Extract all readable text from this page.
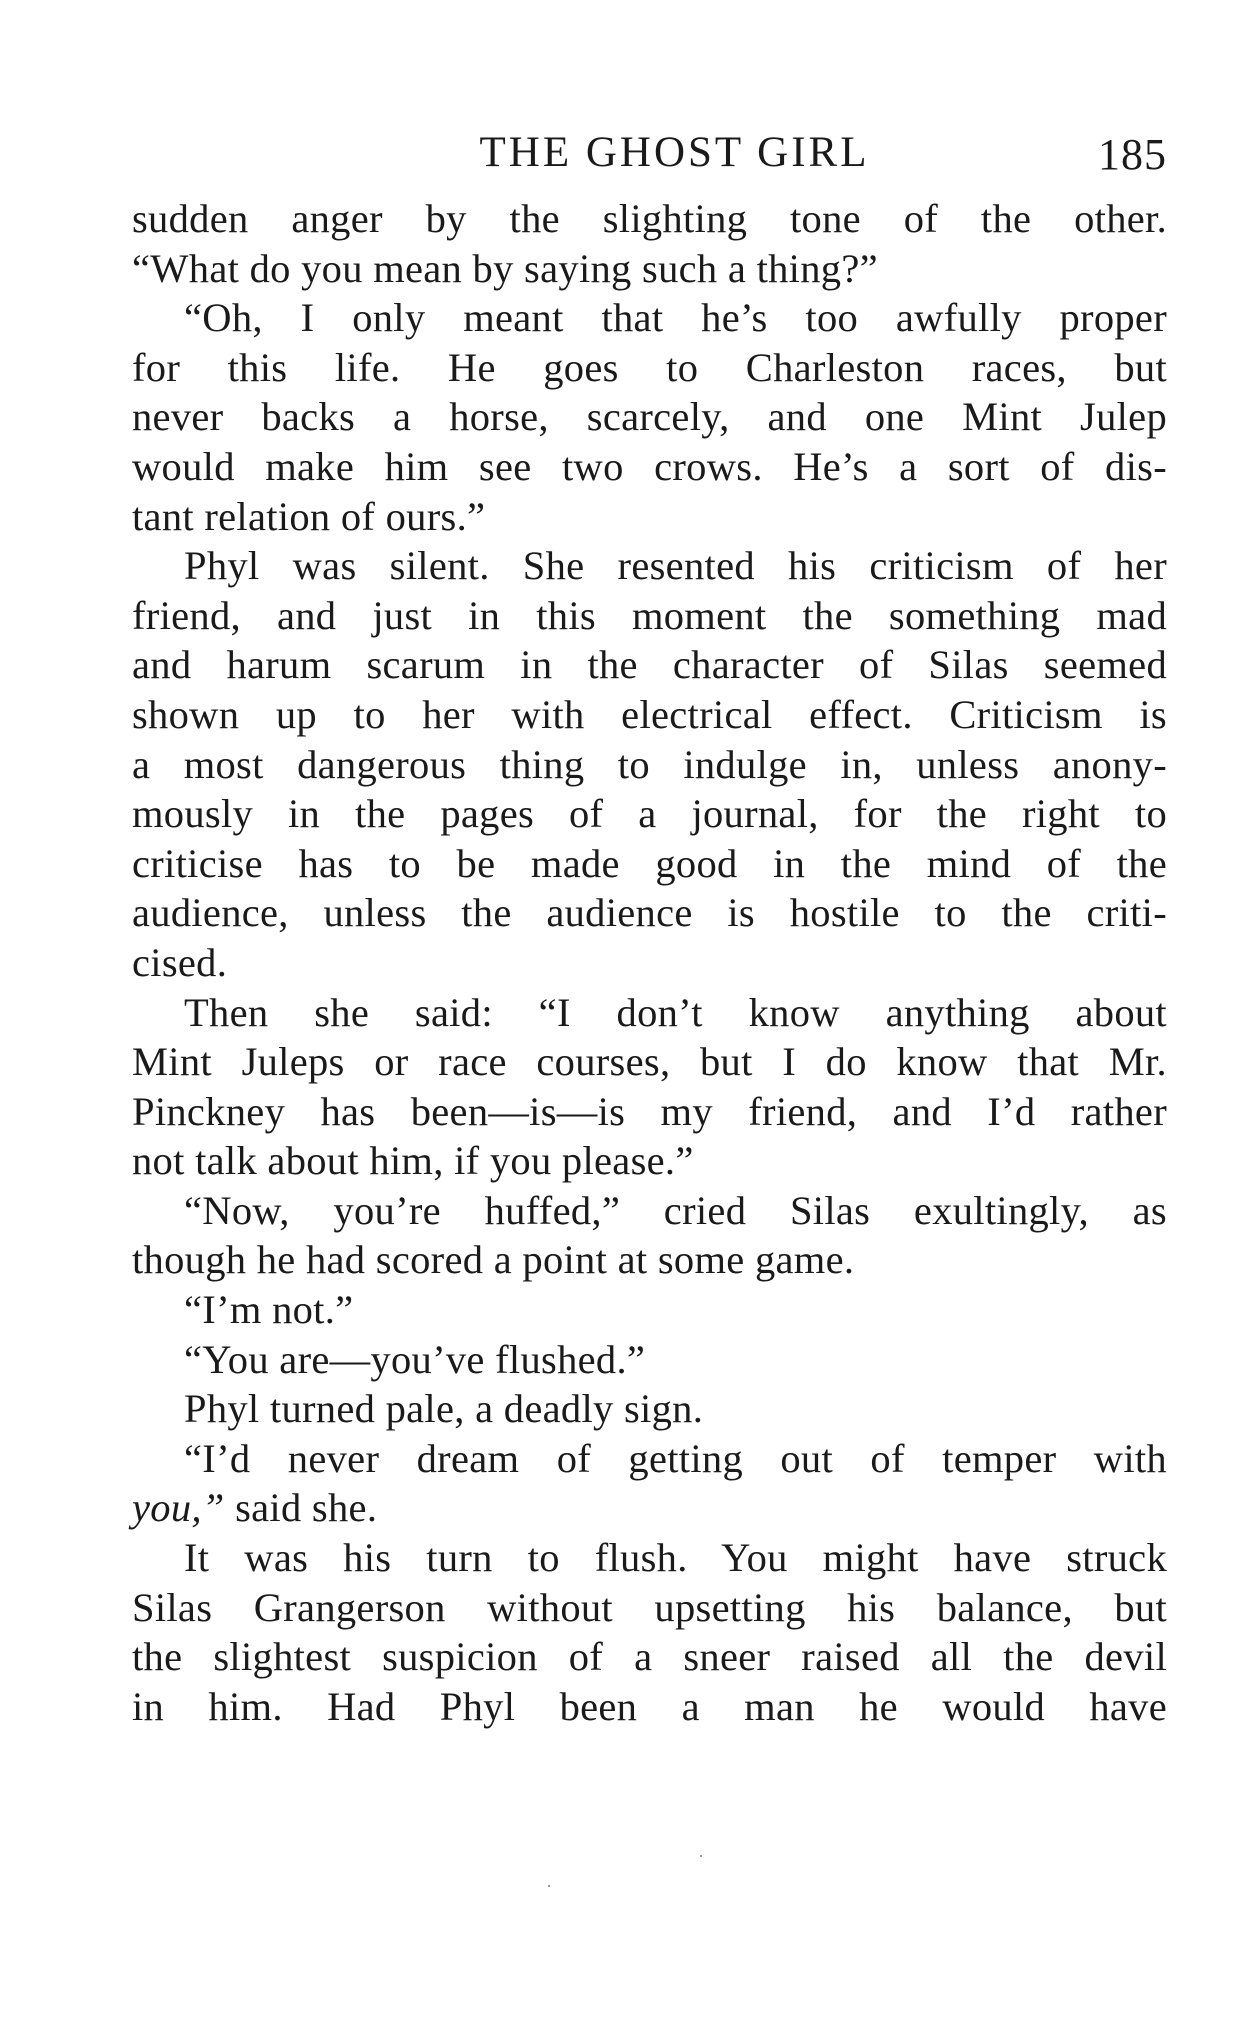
THE GHOST GIRL	185
sudden anger by the slighting tone of the other.
“What do you mean by saying such a thing?”
“Oh, I only meant that he’s too awfully proper
for this life. He goes to Charleston races, but
never backs a horse, scarcely, and one Mint Julep
would make him see two crows. He’s a sort of dis-
tant relation of ours.”
Phyl was silent. She resented his criticism of her
friend, and just in this moment the something mad
and harum scarum in the character of Silas seemed
shown up to her with electrical effect. Criticism is
a most dangerous thing to indulge in, unless anony-
mously in the pages of a journal, for the right to
criticise has to be made good in the mind of the
audience, unless the audience is hostile to the criti-
cised.
Then she said: “I don’t know anything about
Mint Juleps or race courses, but I do know that Mr.
Pinckney has been—is—is my friend, and I’d rather
not talk about him, if you please.”
“Now, you’re huffed,” cried Silas exultingly, as
though he had scored a point at some game.
“I’m not.”
“You are—you’ve flushed.”
Phyl turned pale, a deadly sign.
“I’d never dream of getting out of temper with
you,” said she.
It was his turn to flush. You might have struck
Silas Grangerson without upsetting his balance, but
the slightest suspicion of a sneer raised all the devil
in him. Had Phyl been a man he would have
